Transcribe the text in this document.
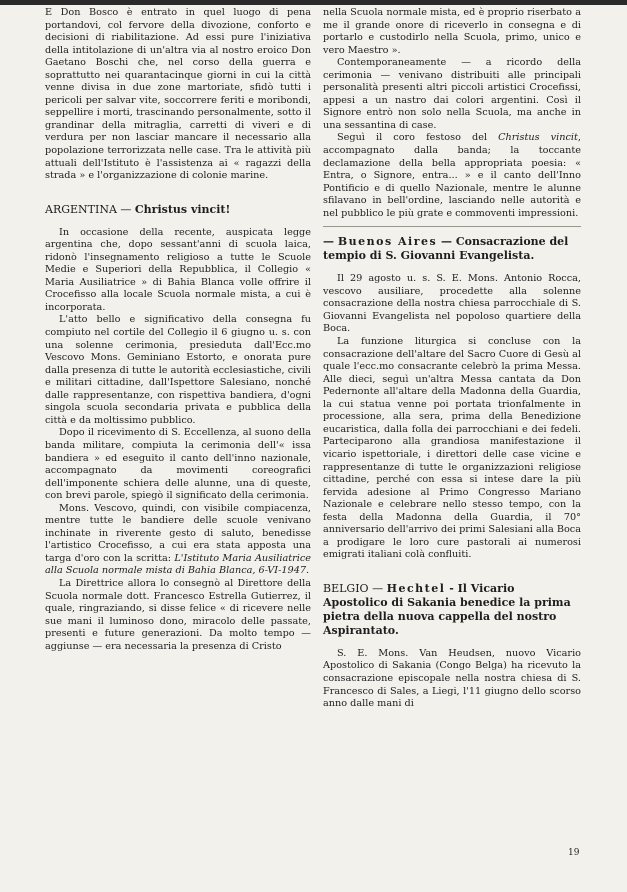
E Don Bosco è entrato in quel luogo di pena portandovi, col fervore della divozione, conforto e decisioni di riabilitazione. Ad essi pure l'iniziativa della intitolazione di un'altra via al nostro eroico Don Gaetano Boschi che, nel corso della guerra e soprattutto nei quarantacinque giorni in cui la città venne divisa in due zone martoriate, sfidò tutti i pericoli per salvar vite, soccorrere feriti e moribondi, seppellire i morti, trascinando personalmente, sotto il grandinar della mitraglia, carretti di viveri e di verdura per non lasciar mancare il necessario alla popolazione terrorizzata nelle case. Tra le attività più attuali dell'Istituto è l'assistenza ai « ragazzi della strada » e l'organizzazione di colonie marine.

ARGENTINA — Christus vincit!

In occasione della recente, auspicata legge argentina che, dopo sessant'anni di scuola laica, ridonò l'insegnamento religioso a tutte le Scuole Medie e Superiori della Repubblica, il Collegio « Maria Ausiliatrice » di Bahia Blanca volle offrire il Crocefisso alla locale Scuola normale mista, a cui è incorporata.

L'atto bello e significativo della consegna fu compiuto nel cortile del Collegio il 6 giugno u. s. con una solenne cerimonia, presieduta dall'Ecc.mo Vescovo Mons. Geminiano Estorto, e onorata pure dalla presenza di tutte le autorità ecclesiastiche, civili e militari cittadine, dall'Ispettore Salesiano, nonché dalle rappresentanze, con rispettiva bandiera, d'ogni singola scuola secondaria privata e pubblica della città e da moltissimo pubblico.

Dopo il ricevimento di S. Eccellenza, al suono della banda militare, compiuta la cerimonia dell'« issa bandiera » ed eseguito il canto dell'inno nazionale, accompagnato da movimenti coreografici dell'imponente schiera delle alunne, una di queste, con brevi parole, spiegò il significato della cerimonia.

Mons. Vescovo, quindi, con visibile compiacenza, mentre tutte le bandiere delle scuole venivano inchinate in riverente gesto di saluto, benedisse l'artistico Crocefisso, a cui era stata apposta una targa d'oro con la scritta: L'Istituto Maria Ausiliatrice alla Scuola normale mista di Bahia Blanca, 6-VI-1947.

La Direttrice allora lo consegnò al Direttore della Scuola normale dott. Francesco Estrella Gutierrez, il quale, ringraziando, si disse felice « di ricevere nelle sue mani il luminoso dono, miracolo delle passate, presenti e future generazioni. Da molto tempo — aggiunse — era necessaria la presenza di Cristo

nella Scuola normale mista, ed è proprio riserbato a me il grande onore di riceverlo in consegna e di portarlo e custodirlo nella Scuola, primo, unico e vero Maestro ».

Contemporaneamente — a ricordo della cerimonia — venivano distribuiti alle principali personalità presenti altri piccoli artistici Crocefissi, appesi a un nastro dai colori argentini. Così il Signore entrò non solo nella Scuola, ma anche in una sessantina di case.

Seguì il coro festoso del Christus vincit, accompagnato dalla banda; la toccante declamazione della bella appropriata poesia: « Entra, o Signore, entra... » e il canto dell'Inno Pontificio e di quello Nazionale, mentre le alunne sfilavano in bell'ordine, lasciando nelle autorità e nel pubblico le più grate e commoventi impressioni.

— Buenos Aires — Consacrazione del tempio di S. Giovanni Evangelista.

Il 29 agosto u. s. S. E. Mons. Antonio Rocca, vescovo ausiliare, procedette alla solenne consacrazione della nostra chiesa parrocchiale di S. Giovanni Evangelista nel popoloso quartiere della Boca.

La funzione liturgica si concluse con la consacrazione dell'altare del Sacro Cuore di Gesù al quale l'ecc.mo consacrante celebrò la prima Messa. Alle dieci, seguì un'altra Messa cantata da Don Pedernonte all'altare della Madonna della Guardia, la cui statua venne poi portata trionfalmente in processione, alla sera, prima della Benedizione eucaristica, dalla folla dei parrocchiani e dei fedeli. Parteciparono alla grandiosa manifestazione il vicario ispettoriale, i direttori delle case vicine e rappresentanze di tutte le organizzazioni religiose cittadine, perché con essa si intese dare la più fervida adesione al Primo Congresso Mariano Nazionale e celebrare nello stesso tempo, con la festa della Madonna della Guardia, il 70° anniversario dell'arrivo dei primi Salesiani alla Boca a prodigare le loro cure pastorali ai numerosi emigrati italiani colà confluiti.

BELGIO — Hechtel - Il Vicario Apostolico di Sakania benedice la prima pietra della nuova cappella del nostro Aspirantato.

S. E. Mons. Van Heudsen, nuovo Vicario Apostolico di Sakania (Congo Belga) ha ricevuto la consacrazione episcopale nella nostra chiesa di S. Francesco di Sales, a Liegi, l'11 giugno dello scorso anno dalle mani di

19
